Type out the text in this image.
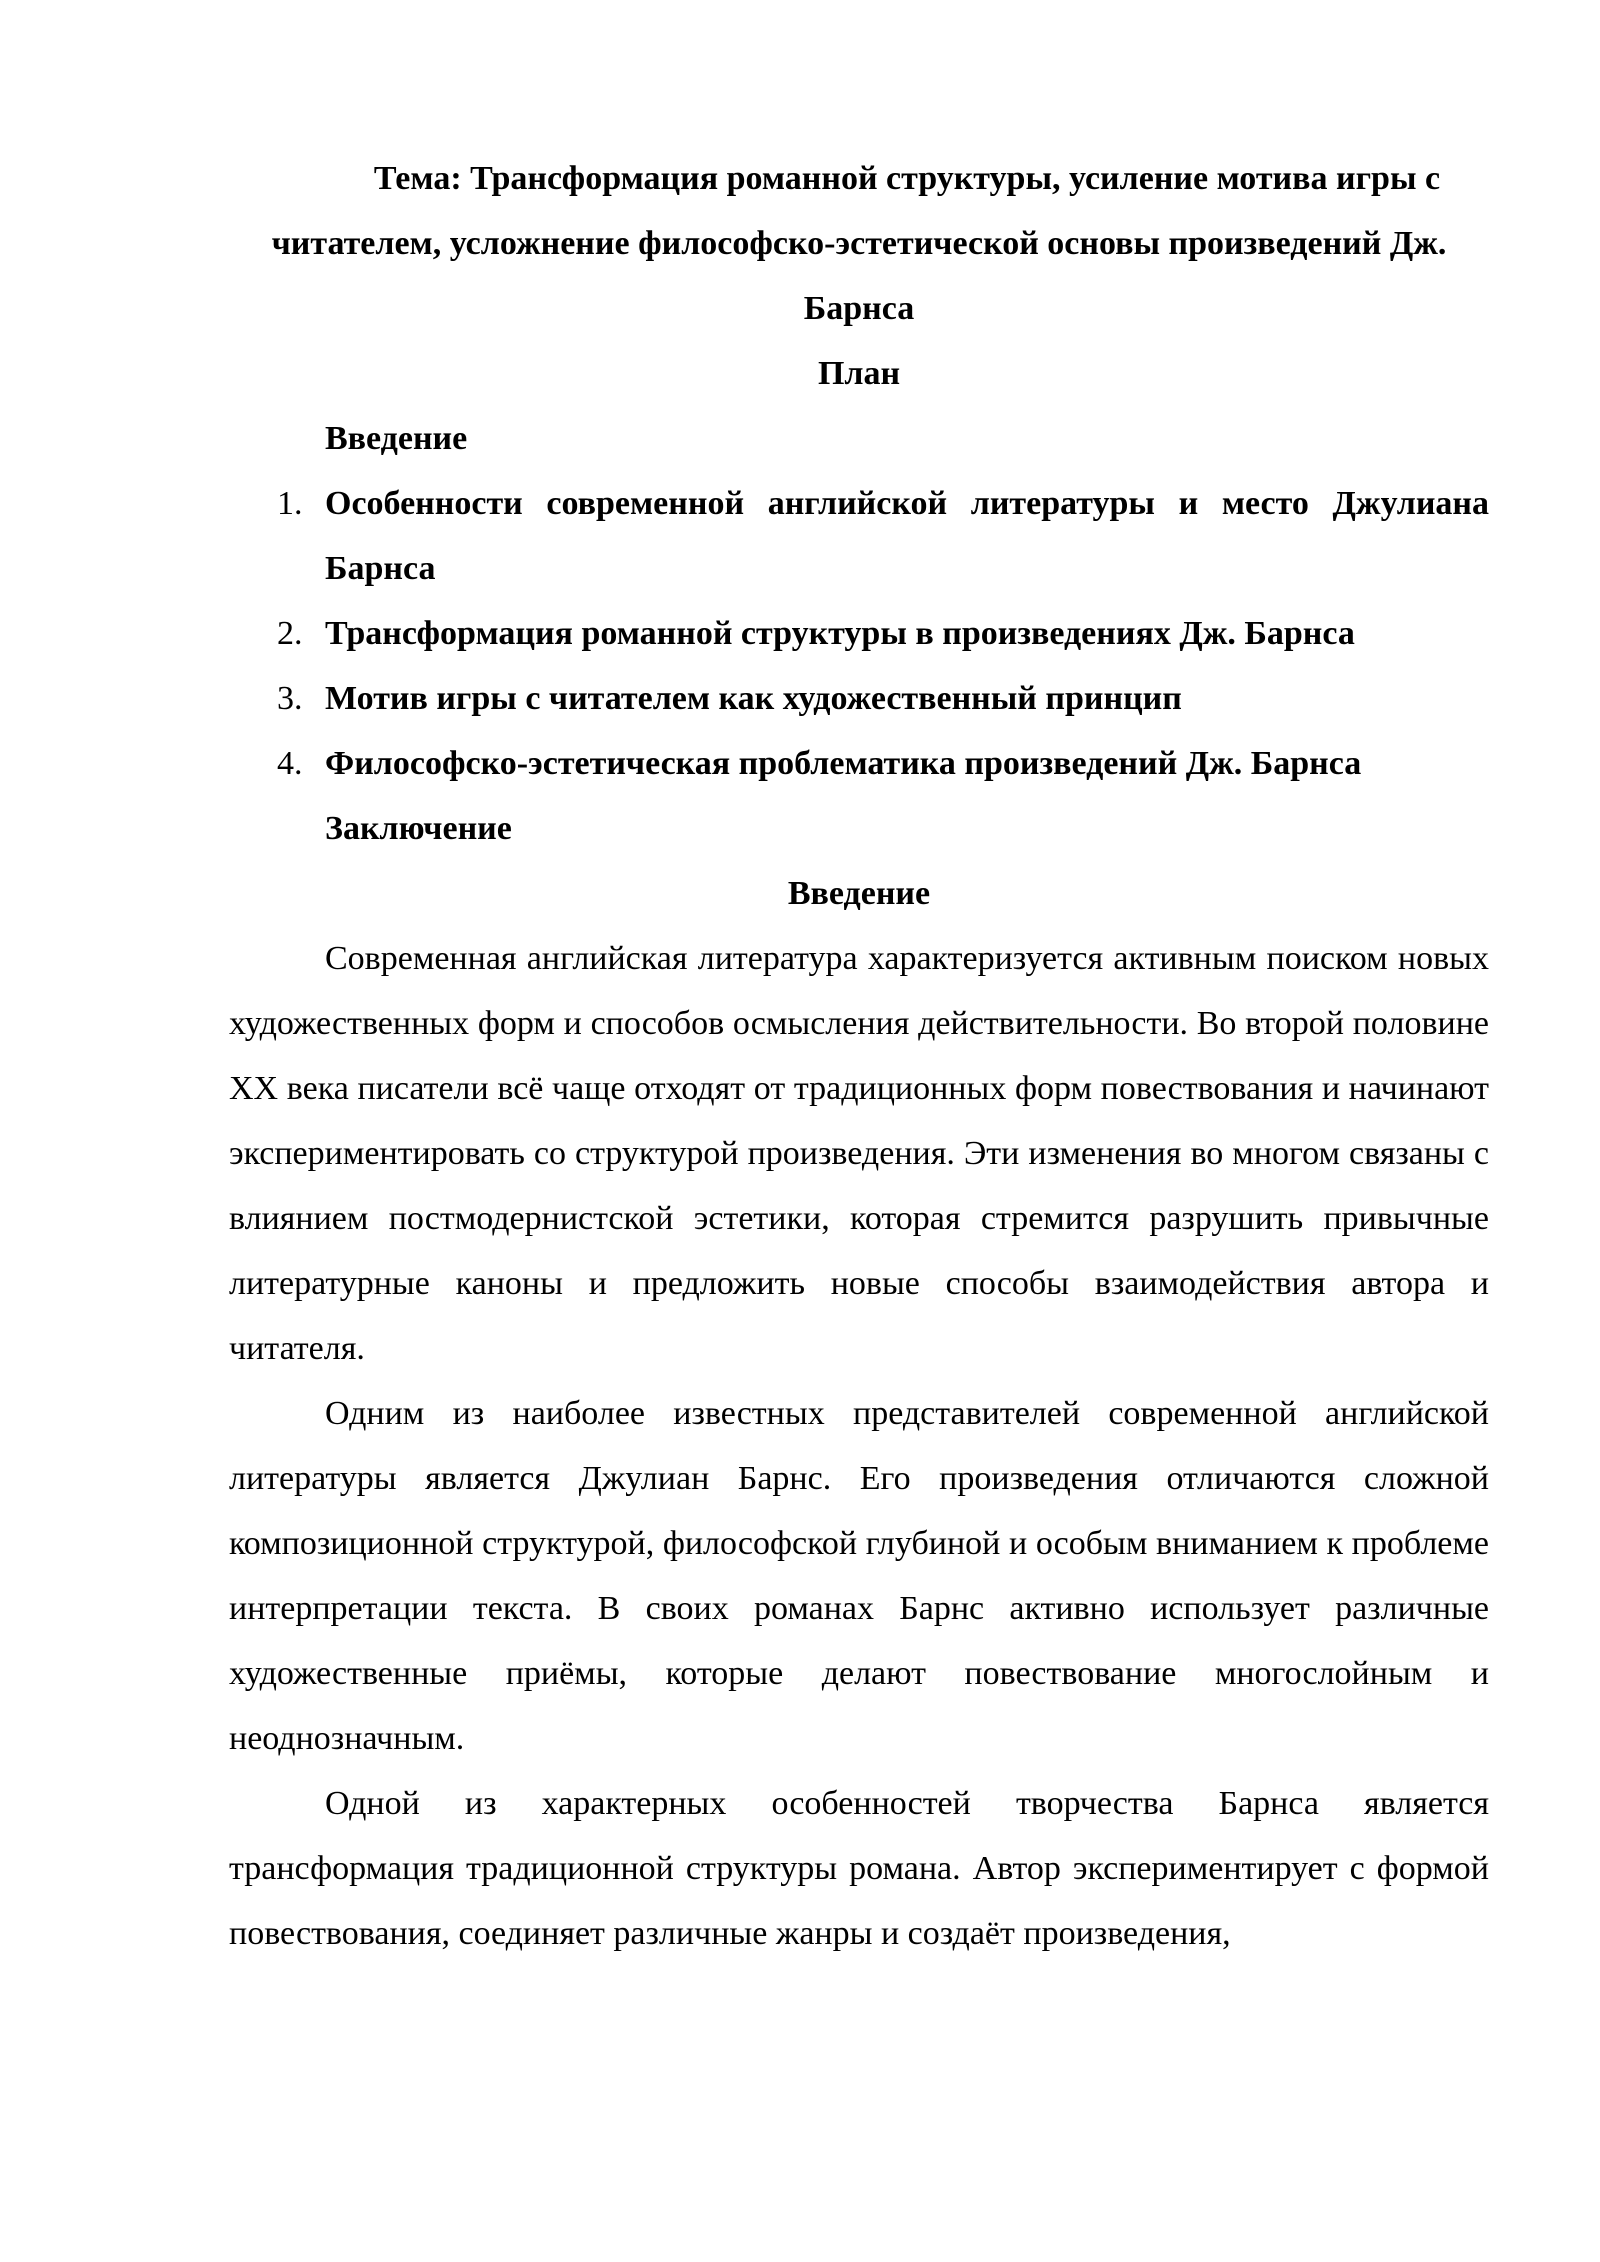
Тема: Трансформация романной структуры, усиление мотива игры с читателем, усложнение философско-эстетической основы произведений Дж. Барнса

План

Введение

1. Особенности современной английской литературы и место Джулиана Барнса
2. Трансформация романной структуры в произведениях Дж. Барнса
3. Мотив игры с читателем как художественный принцип
4. Философско-эстетическая проблематика произведений Дж. Барнса

Заключение

Введение

Современная английская литература характеризуется активным поиском новых художественных форм и способов осмысления действительности. Во второй половине XX века писатели всё чаще отходят от традиционных форм повествования и начинают экспериментировать со структурой произведения. Эти изменения во многом связаны с влиянием постмодернистской эстетики, которая стремится разрушить привычные литературные каноны и предложить новые способы взаимодействия автора и читателя.

Одним из наиболее известных представителей современной английской литературы является Джулиан Барнс. Его произведения отличаются сложной композиционной структурой, философской глубиной и особым вниманием к проблеме интерпретации текста. В своих романах Барнс активно использует различные художественные приёмы, которые делают повествование многослойным и неоднозначным.

Одной из характерных особенностей творчества Барнса является трансформация традиционной структуры романа. Автор экспериментирует с формой повествования, соединяет различные жанры и создаёт произведения,
